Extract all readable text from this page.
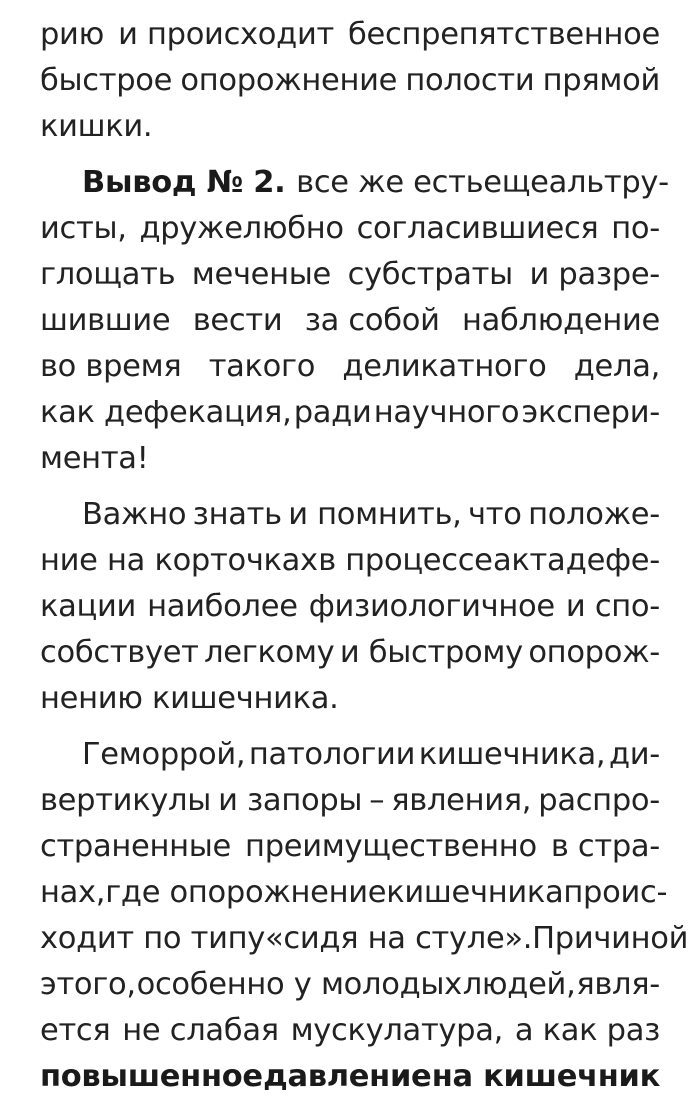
рию и происходит беспрепятственное
быстрое опорожнение полости прямой
кишки.
Вывод № 2. все же есть еще альтру-
исты, дружелюбно согласившиеся по-
глощать меченые субстраты и разре-
шившие вести за собой наблюдение
во время такого деликатного дела,
как дефекация, ради научного экспери-
мента!
Важно знать и помнить, что положе-
ние на корточках в процессе акта дефе-
кации наиболее физиологичное и спо-
собствует легкому и быстрому опорож-
нению кишечника.
Геморрой, патологии кишечника, ди-
вертикулы и запоры – явления, распро-
страненные преимущественно в стра-
нах, где опорожнение кишечника проис-
ходит по типу «сидя на стуле». Причиной
этого, особенно у молодых людей, явля-
ется не слабая мускулатура, а как раз
повышенное давление на кишечник
